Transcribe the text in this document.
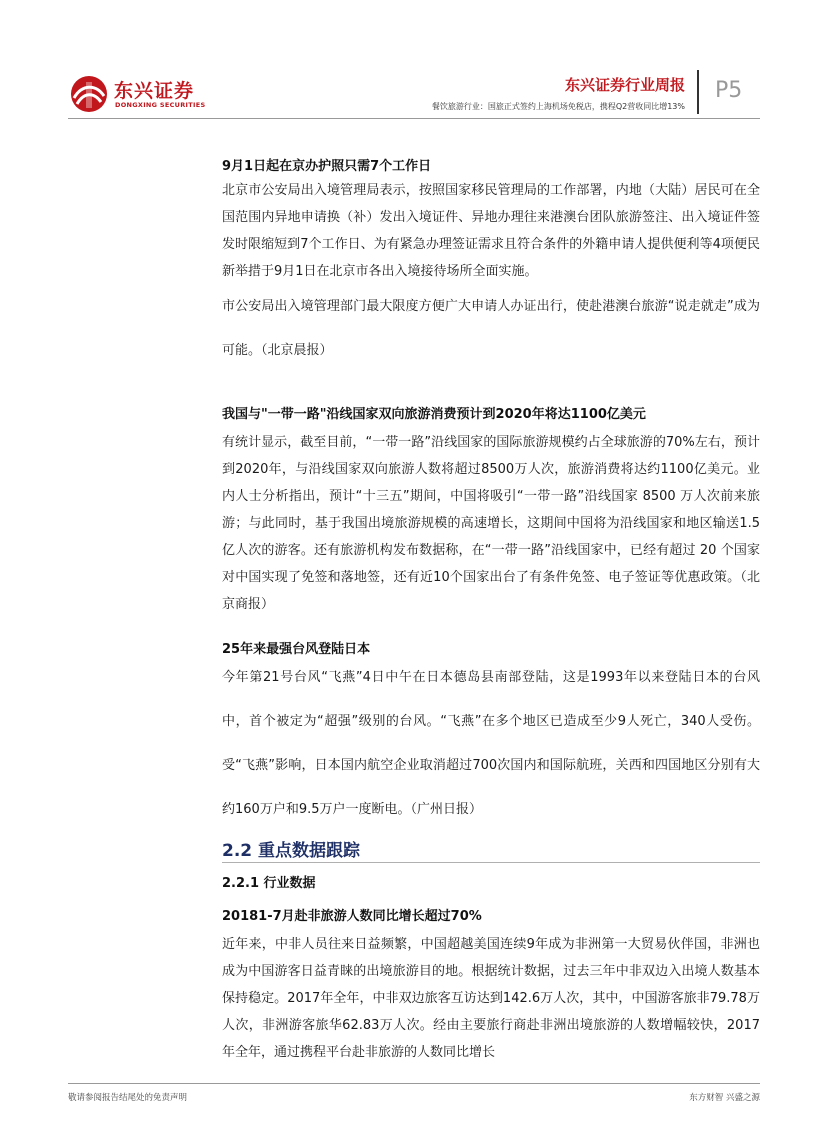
东兴证券
DONGXING SECURITIES
东兴证券行业周报
餐饮旅游行业：国旅正式签约上海机场免税店，携程Q2营收同比增13%
P5
9月1日起在京办护照只需7个工作日

北京市公安局出入境管理局表示，按照国家移民管理局的工作部署，内地（大陆）居民可在全国范围内异地申请换（补）发出入境证件、异地办理往来港澳台团队旅游签注、出入境证件签发时限缩短到7个工作日、为有紧急办理签证需求且符合条件的外籍申请人提供便利等4项便民新举措于9月1日在北京市各出入境接待场所全面实施。

市公安局出入境管理部门最大限度方便广大申请人办证出行，使赴港澳台旅游“说走就走”成为可能。（北京晨报）

我国与"一带一路"沿线国家双向旅游消费预计到2020年将达1100亿美元

有统计显示，截至目前，“一带一路”沿线国家的国际旅游规模约占全球旅游的70%左右，预计到2020年，与沿线国家双向旅游人数将超过8500万人次，旅游消费将达约1100亿美元。业内人士分析指出，预计“十三五”期间，中国将吸引“一带一路”沿线国家 8500 万人次前来旅游；与此同时，基于我国出境旅游规模的高速增长，这期间中国将为沿线国家和地区输送1.5亿人次的游客。还有旅游机构发布数据称，在“一带一路”沿线国家中，已经有超过 20 个国家对中国实现了免签和落地签，还有近10个国家出台了有条件免签、电子签证等优惠政策。（北京商报）

25年来最强台风登陆日本

今年第21号台风“飞燕”4日中午在日本德岛县南部登陆，这是1993年以来登陆日本的台风中，首个被定为“超强”级别的台风。“飞燕”在多个地区已造成至少9人死亡，340人受伤。受“飞燕”影响，日本国内航空企业取消超过700次国内和国际航班，关西和四国地区分别有大约160万户和9.5万户一度断电。（广州日报）

2.2 重点数据跟踪
2.2.1 行业数据
20181-7月赴非旅游人数同比增长超过70%

近年来，中非人员往来日益频繁，中国超越美国连续9年成为非洲第一大贸易伙伴国，非洲也成为中国游客日益青睐的出境旅游目的地。根据统计数据，过去三年中非双边入出境人数基本保持稳定。2017年全年，中非双边旅客互访达到142.6万人次，其中，中国游客旅非79.78万人次，非洲游客旅华62.83万人次。经由主要旅行商赴非洲出境旅游的人数增幅较快，2017 年全年，通过携程平台赴非旅游的人数同比增长

敬请参阅报告结尾处的免责声明	东方财智 兴盛之源
